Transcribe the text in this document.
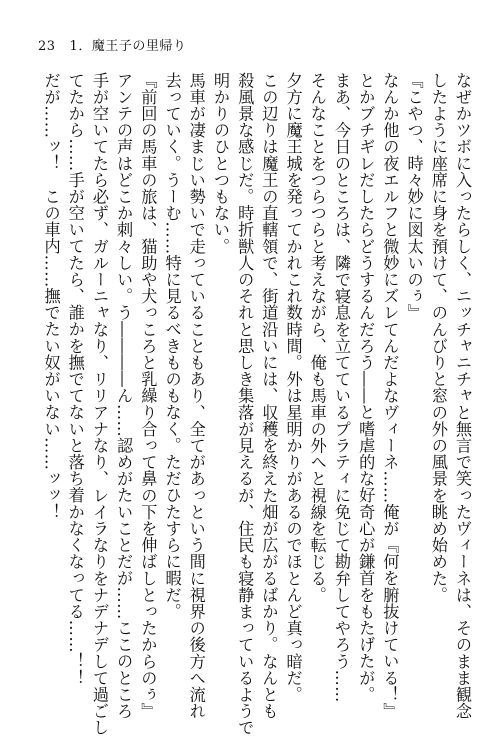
23 1．魔王子の里帰り
なぜかツボに入ったらしく、ニッチャニチャと無言で笑ったヴィーネは、そのまま観念
したように座席に身を預けて、のんびりと窓の外の風景を眺め始めた。
『こやつ、時々妙に図太いのぅ』
なんか他の夜エルフと微妙にズレてんだよなヴィーネ……俺が『何を腑抜けている！』
とかブチギレだしたらどうするんだろう――と嗜虐的な好奇心が鎌首をもたげたが。
まあ、今日のところは、隣で寝息を立てているプラティに免じて勘弁してやろう……
そんなことをつらつらと考えながら、俺も馬車の外へと視線を転じる。
夕方に魔王城を発ってかれこれ数時間。外は星明かりがあるのでほとんど真っ暗だ。
この辺りは魔王の直轄領で、街道沿いには、収穫を終えた畑が広がるばかり。なんとも
殺風景な感じだ。時折獣人のそれと思しき集落が見えるが、住民も寝静まっているようで
明かりのひとつもない。
馬車が凄まじい勢いで走っていることもあり、全てがあっという間に視界の後方へ流れ
去っていく。うーむ……特に見るべきものもなく。ただひたすらに暇だ。
『前回の馬車の旅は、猫助や犬っころと乳繰り合って鼻の下を伸ばしとったからのぅ』
アンテの声はどこか刺々しい。う――――ん……認めがたいことだが……ここのところ
手が空いてたら必ず、ガルーニャなり、リリアナなり、レイラなりをナデナデして過ごし
てたから……手が空いてたら、誰かを撫でてないと落ち着かなくなってる……！！
だが……ッ！　この車内……撫でたい奴がいない……ッッ！
